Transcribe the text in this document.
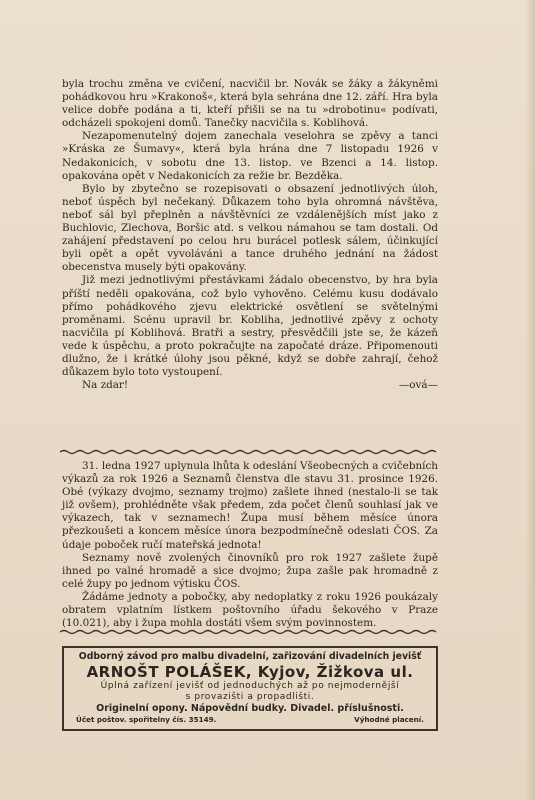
byla trochu změna ve cvičení, nacvičil br. Novák se žáky a žákyněmi pohádkovou hru »Krakonoš«, která byla sehrána dne 12. září. Hra byla velice dobře podána a ti, kteří přišli se na tu »drobotinu« podívati, odcházeli spokojeni domů. Tanečky nacvičila s. Koblihová.

Nezapomenutelný dojem zanechala veselohra se zpěvy a tanci »Kráska ze Šumavy«, která byla hrána dne 7 listopadu 1926 v Nedakonicích, v sobotu dne 13. listop. ve Bzenci a 14. listop. opakována opět v Nedakonicích za režie br. Bezděka.

Bylo by zbytečno se rozepisovati o obsazení jednotlivých úloh, neboť úspěch byl nečekaný. Důkazem toho byla ohromná návštěva, neboť sál byl přeplněn a návštěvníci ze vzdálenějších míst jako z Buchlovic, Zlechova, Boršic atd. s velkou námahou se tam dostali. Od zahájení představení po celou hru burácel potlesk sálem, účinkující byli opět a opět vyvoláváni a tance druhého jednání na žádost obecenstva musely býti opakovány.

Již mezi jednotlivými přestávkami žádalo obecenstvo, by hra byla příští neděli opakována, což bylo vyhověno. Celému kusu dodávalo přímo pohádkového zjevu elektrické osvětlení se světelnými proměnami. Scénu upravil br. Kobliha, jednotlivé zpěvy z ochoty nacvičila pí Koblihová. Bratři a sestry, přesvědčili jste se, že kázeň vede k úspěchu, a proto pokračujte na započaté dráze. Připomenouti dlužno, že i krátké úlohy jsou pěkné, když se dobře zahrají, čehož důkazem bylo toto vystoupení.

Na zdar!	—ová—

31. ledna 1927 uplynula lhůta k odeslání Všeobecných a cvičebních výkazů za rok 1926 a Seznamů členstva dle stavu 31. prosince 1926. Obé (výkazy dvojmo, seznamy trojmo) zašlete ihned (nestalo-li se tak již ovšem), prohlédněte však předem, zda počet členů souhlasí jak ve výkazech, tak v seznamech! Župa musí během měsíce února přezkoušeti a koncem měsíce února bezpodmínečně odeslati ČOS. Za údaje poboček ručí mateřská jednota!

Seznamy nově zvolených činovníků pro rok 1927 zašlete župě ihned po valné hromadě a sice dvojmo; župa zašle pak hromadně z celé župy po jednom výtisku ČOS.

Žádáme jednoty a pobočky, aby nedoplatky z roku 1926 poukázaly obratem vplatním lístkem poštovního úřadu šekového v Praze (10.021), aby i župa mohla dostáti všem svým povinnostem.

Odborný závod pro malbu divadelní, zařizování divadelních jevišť
ARNOŠT POLÁŠEK, Kyjov, Žižkova ul.
Úplná zařízení jevišť od jednoduchých až po nejmodernější
s provazišti a propadlišti.
Originelní opony. Nápovědní budky. Divadel. příslušnosti.
Účet poštov. spořitelny čís. 35149.	Výhodné placení.
